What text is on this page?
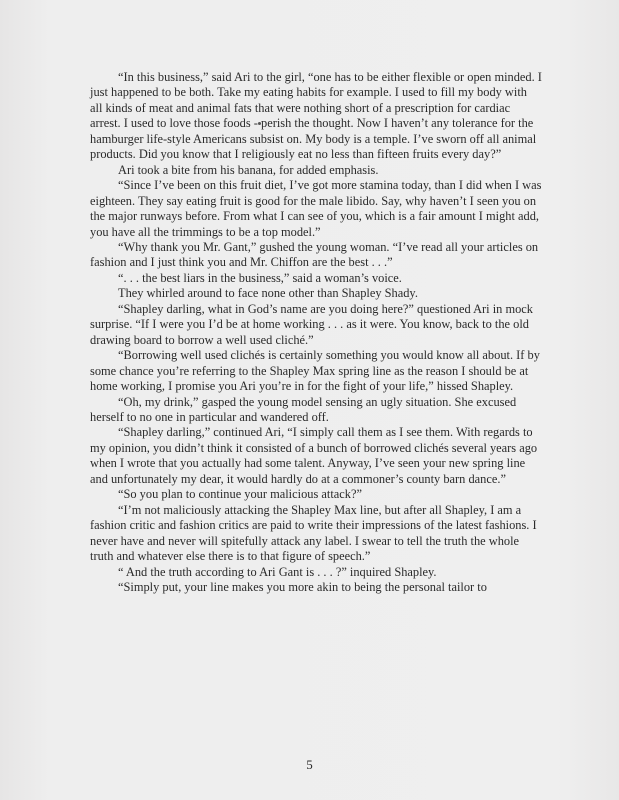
“In this business,” said Ari to the girl, “one has to be either flexible or open minded. I just happened to be both. Take my eating habits for example. I used to fill my body with all kinds of meat and animal fats that were nothing short of a prescription for cardiac arrest. I used to love those foods - perish the thought. Now I haven’t any tolerance for the hamburger life-style Americans subsist on. My body is a temple. I’ve sworn off all animal products. Did you know that I religiously eat no less than fifteen fruits every day?”

Ari took a bite from his banana, for added emphasis.

“Since I’ve been on this fruit diet, I’ve got more stamina today, than I did when I was eighteen. They say eating fruit is good for the male libido. Say, why haven’t I seen you on the major runways before. From what I can see of you, which is a fair amount I might add, you have all the trimmings to be a top model.”

“Why thank you Mr. Gant,” gushed the young woman. “I’ve read all your articles on fashion and I just think you and Mr. Chiffon are the best . . .”

“. . . the best liars in the business,” said a woman’s voice.

They whirled around to face none other than Shapley Shady.

“Shapley darling, what in God’s name are you doing here?” questioned Ari in mock surprise. “If I were you I’d be at home working . . . as it were. You know, back to the old drawing board to borrow a well used cliché.”

“Borrowing well used clichés is certainly something you would know all about. If by some chance you’re referring to the Shapley Max spring line as the reason I should be at home working, I promise you Ari you’re in for the fight of your life,” hissed Shapley.

“Oh, my drink,” gasped the young model sensing an ugly situation. She excused herself to no one in particular and wandered off.

“Shapley darling,” continued Ari, “I simply call them as I see them. With regards to my opinion, you didn’t think it consisted of a bunch of borrowed clichés several years ago when I wrote that you actually had some talent. Anyway, I’ve seen your new spring line and unfortunately my dear, it would hardly do at a commoner’s county barn dance.”

“So you plan to continue your malicious attack?”

“I’m not maliciously attacking the Shapley Max line, but after all Shapley, I am a fashion critic and fashion critics are paid to write their impressions of the latest fashions. I never have and never will spitefully attack any label. I swear to tell the truth the whole truth and whatever else there is to that figure of speech.”

“ And the truth according to Ari Gant is . . . ?” inquired Shapley.

“Simply put, your line makes you more akin to being the personal tailor to

5
